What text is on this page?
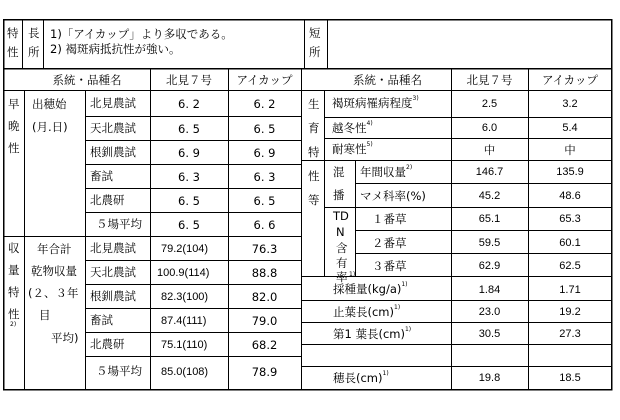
特
性
長
所
1)「アイカップ」より多収である。
2) 褐斑病抵抗性が強い。
短
所
系統・品種名	北見７号	アイカップ
早
晩
性
出穂始
(月.日)
北見農試	6. 2	6. 2
天北農試	6. 5	6. 5
根釧農試	6. 9	6. 9
畜試	6. 3	6. 3
北農研	6. 5	6. 5
５場平均	6. 5	6. 6
収
量
特
性
2)
年合計
乾物収量
(２、３年
目
平均)
北見農試 79.2(104)	76.3
天北農試 100.9(114)	88.8
根釧農試 82.3(100)	82.0
畜試	87.4(111)	79.0
北農研	75.1(110)	68.2
５場平均 85.0(108)	78.9
系統・品種名	北見７号	アイカップ
生
育
特
性
等
褐斑病罹病程度$^{3)}$	2.5	3.2
越冬性$^{4)}$	6.0	5.4
耐寒性$^{5)}$	中	中
混
播
年間収量$^{2)}$	146.7	135.9
マメ科率(%)	45.2	48.6
TD
N
含
有
率 1)
１番草	65.1	65.3
２番草	59.5	60.1
３番草	62.9	62.5
採種量$(kg/a)^{1)}$	1.84	1.71
止葉長(cm)$^{1)}$	23.0	19.2
第1 葉長(cm)$^{1)}$	30.5	27.3
穂長(cm)$^{1)}$	19.8	18.5
